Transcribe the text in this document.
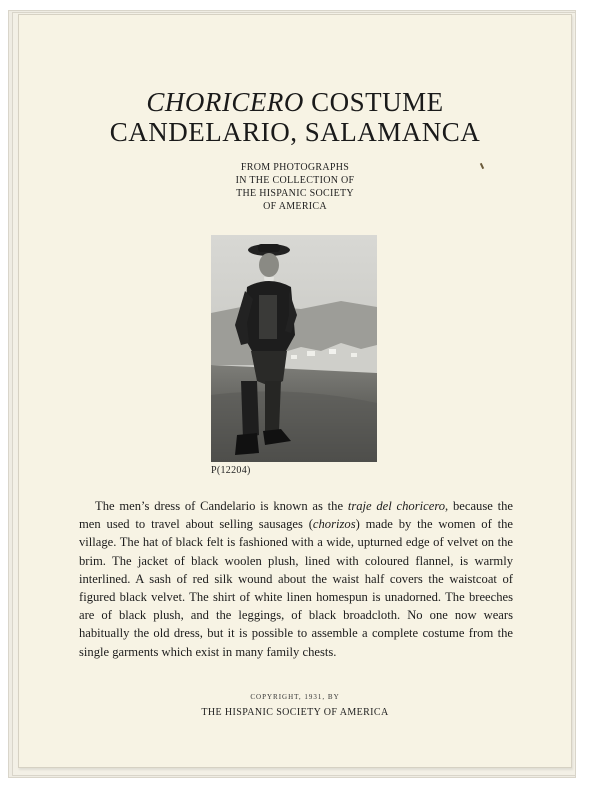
CHORICERO COSTUME
CANDELARIO, SALAMANCA
FROM PHOTOGRAPHS
IN THE COLLECTION OF
THE HISPANIC SOCIETY
OF AMERICA
P(12204)

The men’s dress of Candelario is known as the traje del choricero, because the men used to travel about selling sausages (chorizos) made by the women of the village. The hat of black felt is fashioned with a wide, upturned edge of velvet on the brim. The jacket of black woolen plush, lined with coloured flannel, is warmly interlined. A sash of red silk wound about the waist half covers the waistcoat of figured black velvet. The shirt of white linen homespun is unadorned. The breeches are of black plush, and the leggings, of black broadcloth. No one now wears habitually the old dress, but it is possible to assemble a complete costume from the single garments which exist in many family chests.

COPYRIGHT, 1931, BY
THE HISPANIC SOCIETY OF AMERICA
